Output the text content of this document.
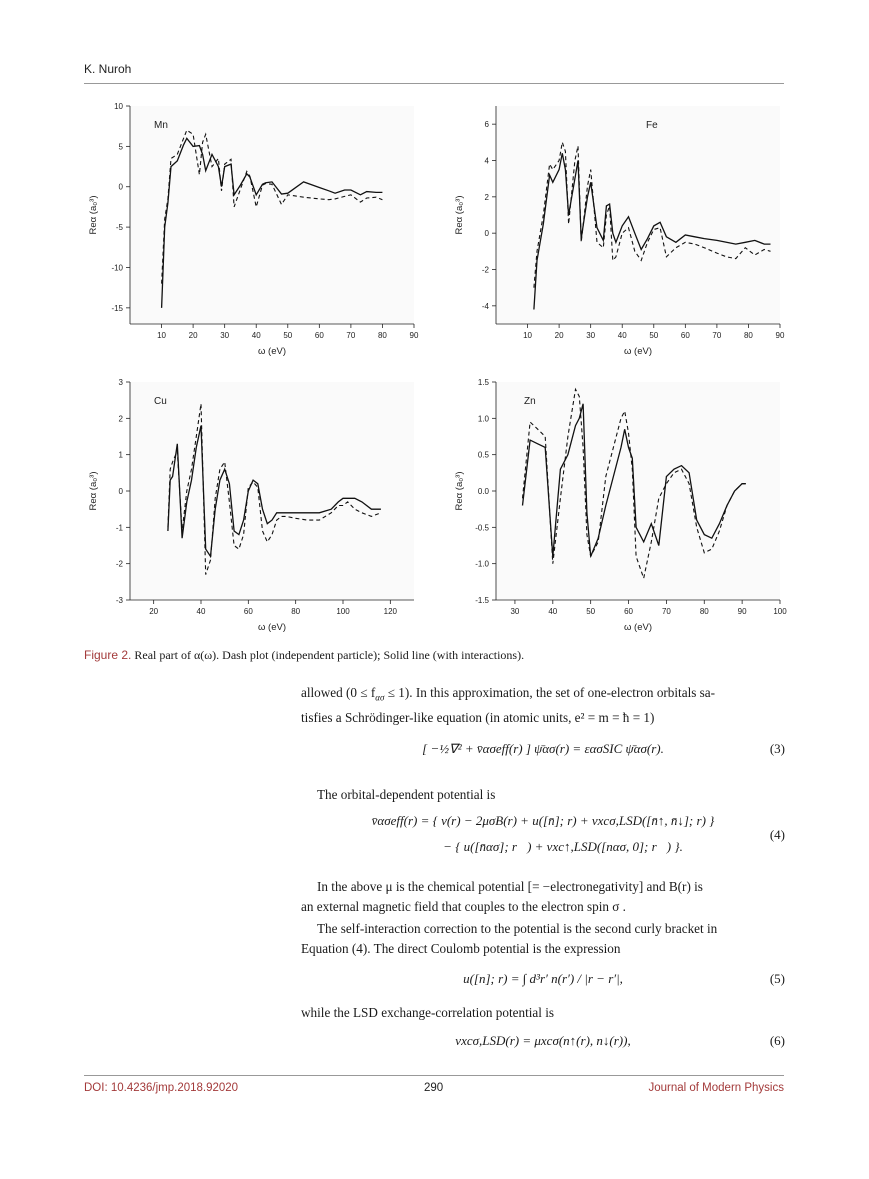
K. Nuroh
10	20	30	40	50	60	70	80	90
10
5
0
-5
-10
-15
ω (eV)
Reα (a₀³)
Mn
10	20	30	40	50	60	70	80	90
6
4
2
0
-2
-4
ω (eV)
Reα (a₀³)
Fe
20	40	60	80	100	120
3
2
1
0
-1
-2
-3
ω (eV)
Reα (a₀³)
Cu
30	40	50	60	70	80	90	100
1.5
1.0
0.5
0.0
-0.5
-1.0
-1.5
ω (eV)
Reα (a₀³)
Zn
Figure 2. Real part of α(ω). Dash plot (independent particle); Solid line (with interactions).
allowed $(0 \le f_{\alpha\sigma} \le 1)$. In this approximation, the set of one-electron orbitals sa-
tisfies a Schrödinger-like equation (in atomic units, e² = m = ħ = 1)
[ −½∇² + v̄ασeff(r) ] ψ̄ασ(r) = εασSIC ψ̄ασ(r).	(3)
The orbital-dependent potential is
v̄ασeff(r) = { v(r) − 2μσB(r) + u([n̄]; r) + vxcσ,LSD([n̄↑, n̄↓]; r) }
− { u([n̄ασ]; r⃗) + vxc↑,LSD([nασ, 0]; r⃗) }.
(4)
In the above μ is the chemical potential [= −electronegativity] and B(r) is
an external magnetic field that couples to the electron spin σ .
The self-interaction correction to the potential is the second curly bracket in
Equation (4). The direct Coulomb potential is the expression
u([n]; r) = ∫ d³r′ n(r′) / |r − r′|,	(5)
while the LSD exchange-correlation potential is
vxcσ,LSD(r) = μxcσ(n↑(r), n↓(r)),	(6)
DOI: 10.4236/jmp.2018.92020	290	Journal of Modern Physics
